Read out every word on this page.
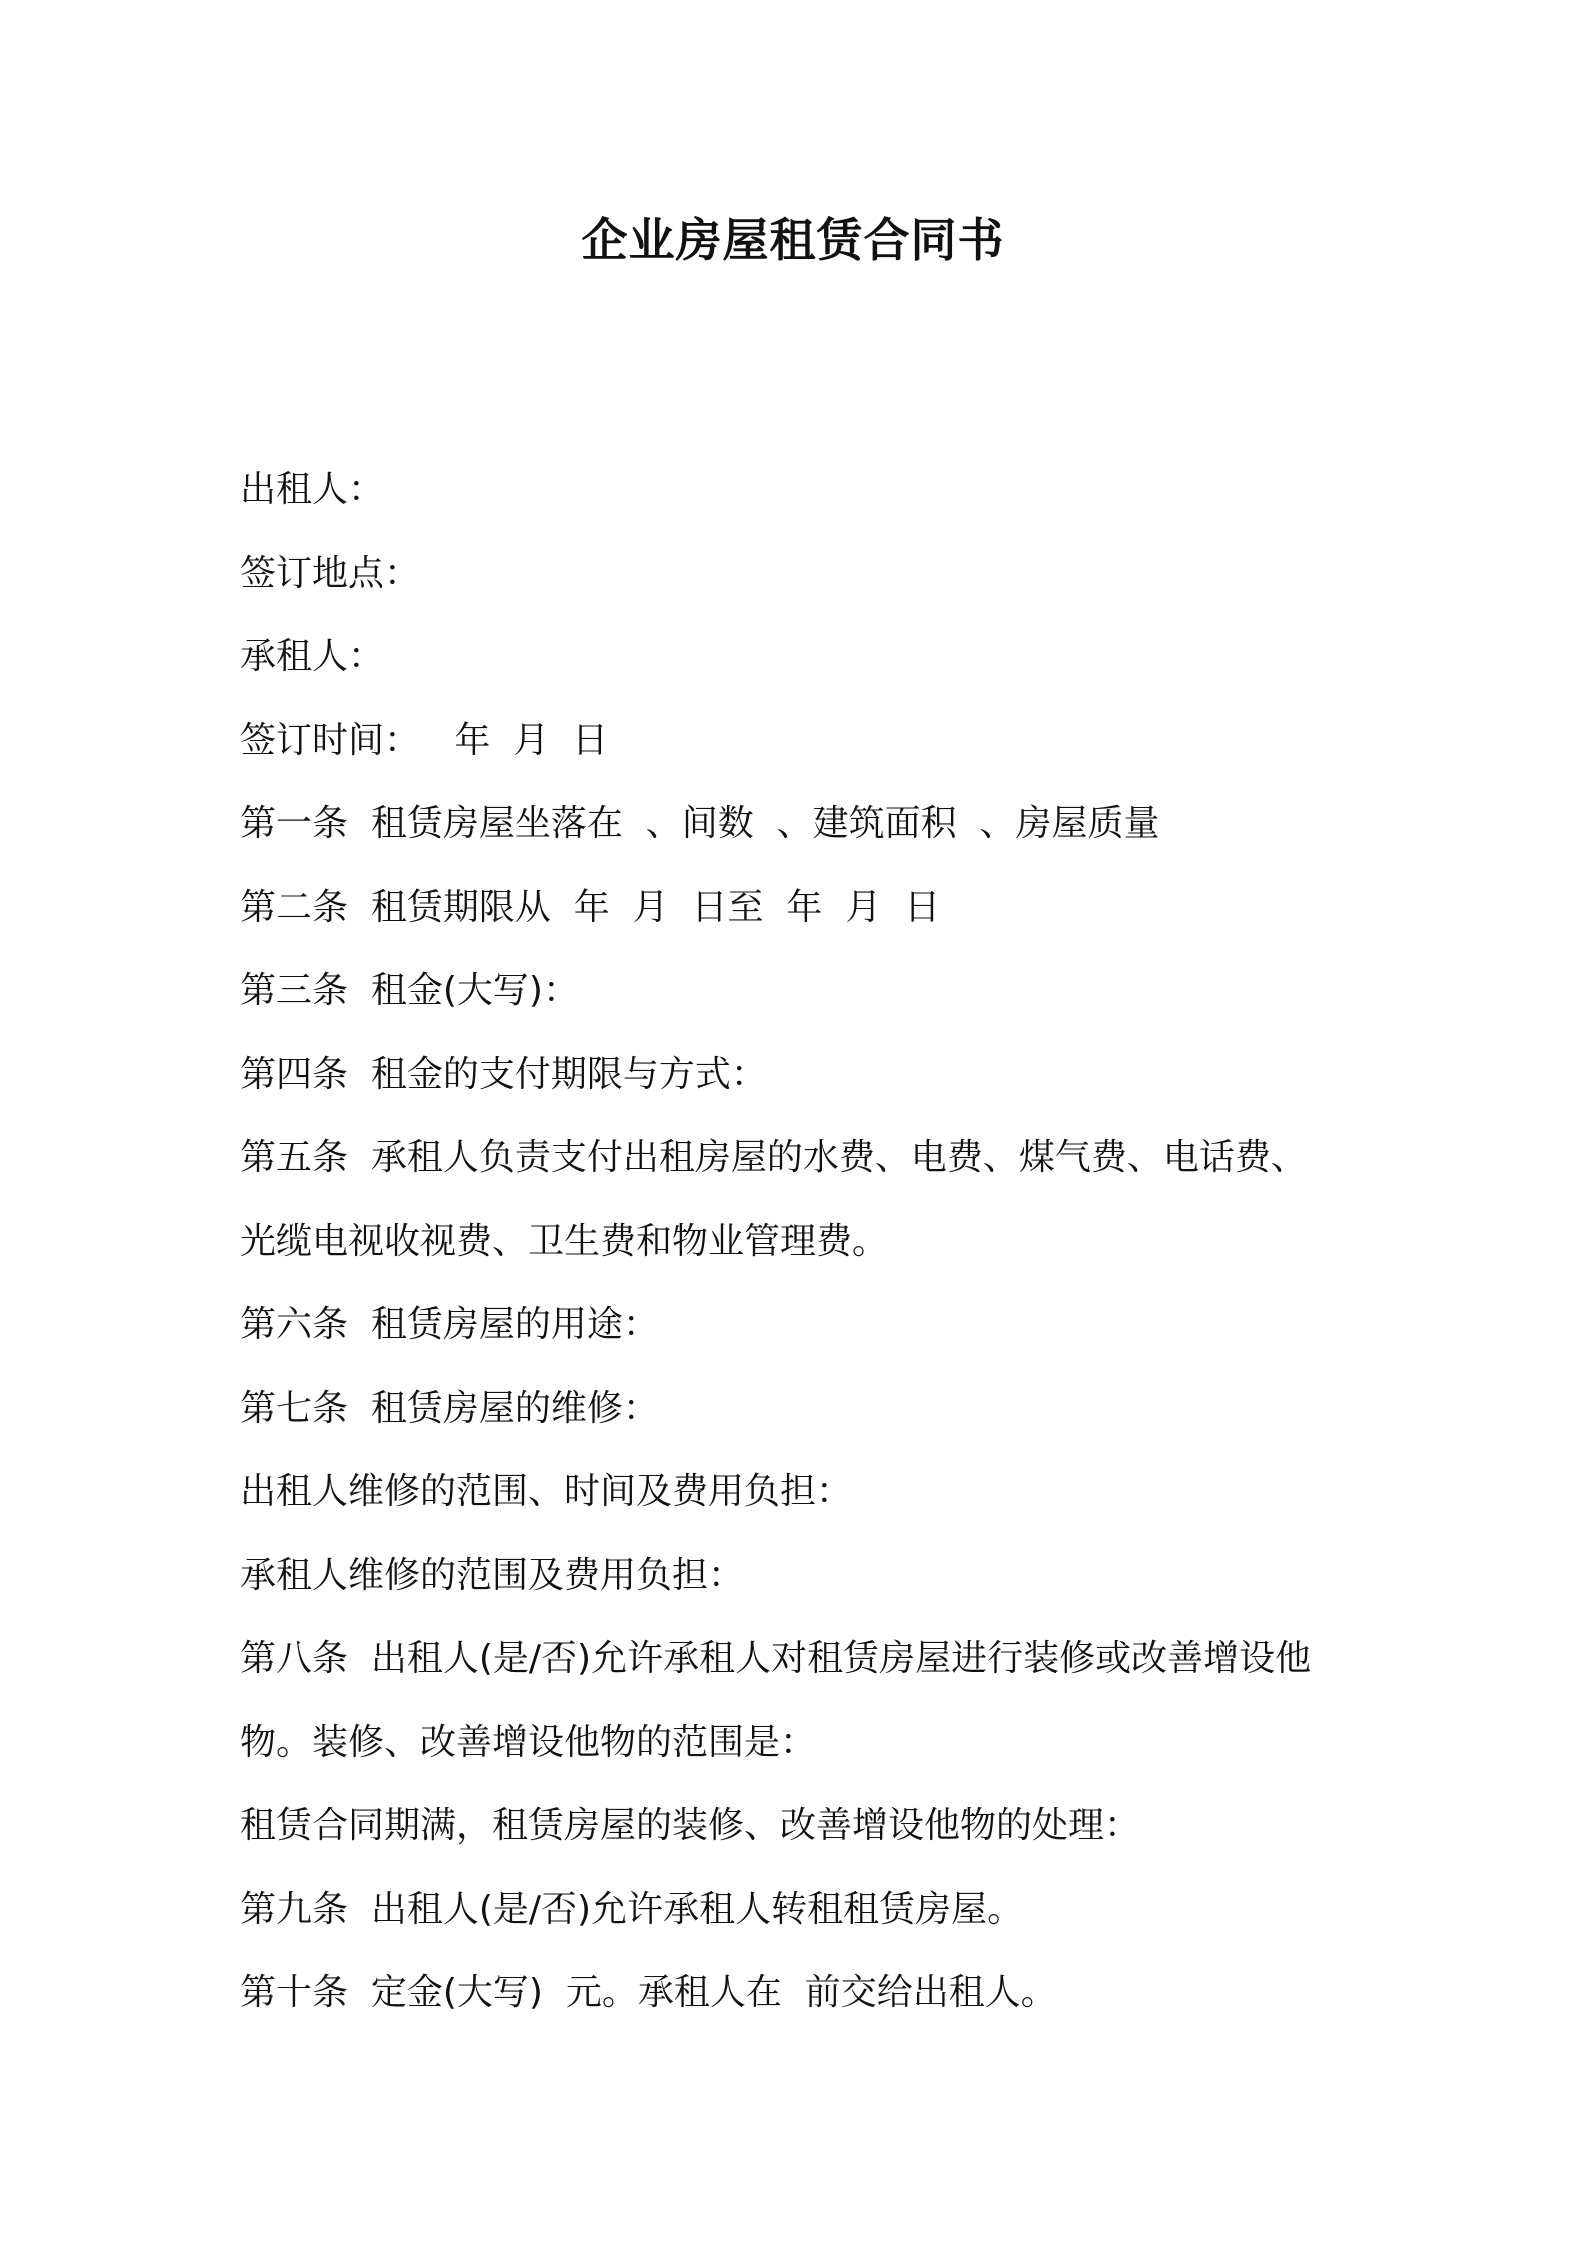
企业房屋租赁合同书
出租人：
签订地点：
承租人：
签订时间：   年  月  日
第一条  租赁房屋坐落在  、间数  、建筑面积  、房屋质量
第二条  租赁期限从  年  月  日至  年  月  日
第三条  租金(大写)：
第四条  租金的支付期限与方式：
第五条  承租人负责支付出租房屋的水费、电费、煤气费、电话费、
光缆电视收视费、卫生费和物业管理费。
第六条  租赁房屋的用途：
第七条  租赁房屋的维修：
出租人维修的范围、时间及费用负担：
承租人维修的范围及费用负担：
第八条  出租人(是/否)允许承租人对租赁房屋进行装修或改善增设他
物。装修、改善增设他物的范围是：
租赁合同期满，租赁房屋的装修、改善增设他物的处理：
第九条  出租人(是/否)允许承租人转租租赁房屋。
第十条  定金(大写)  元。承租人在  前交给出租人。
